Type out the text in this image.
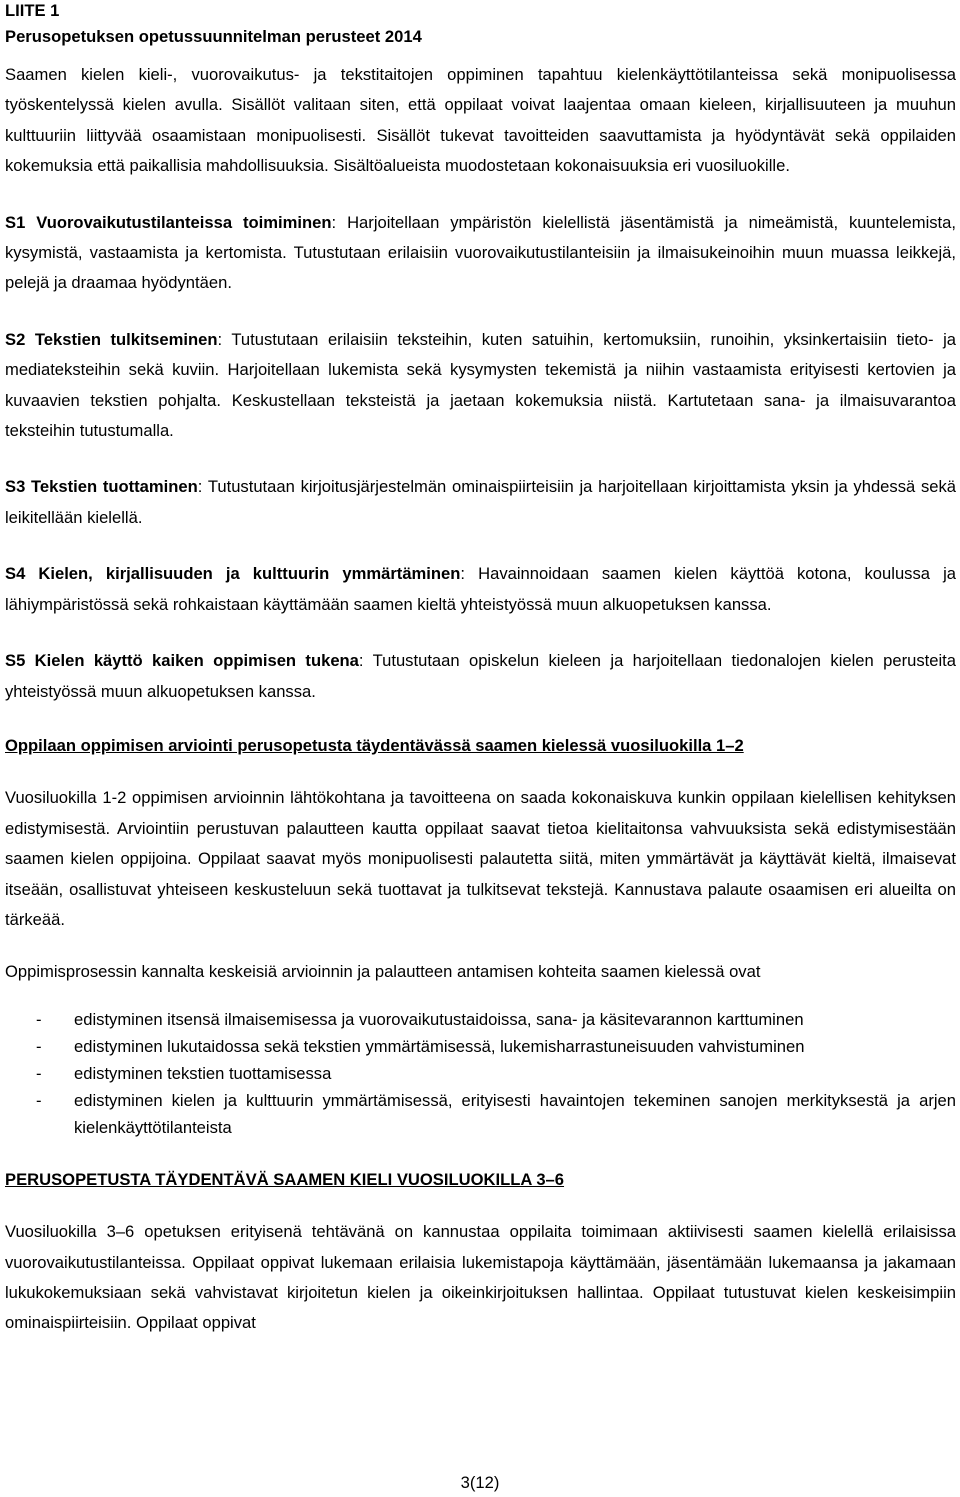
LIITE 1

Perusopetuksen opetussuunnitelman perusteet 2014

Saamen kielen kieli-, vuorovaikutus- ja tekstitaitojen oppiminen tapahtuu kielenkäyttötilanteissa sekä monipuolisessa työskentelyssä kielen avulla. Sisällöt valitaan siten, että oppilaat voivat laajentaa omaan kieleen, kirjallisuuteen ja muuhun kulttuuriin liittyvää osaamistaan monipuolisesti. Sisällöt tukevat tavoitteiden saavuttamista ja hyödyntävät sekä oppilaiden kokemuksia että paikallisia mahdollisuuksia. Sisältöalueista muodostetaan kokonaisuuksia eri vuosiluokille.

S1 Vuorovaikutustilanteissa toimiminen: Harjoitellaan ympäristön kielellistä jäsentämistä ja nimeämistä, kuuntelemista, kysymistä, vastaamista ja kertomista. Tutustutaan erilaisiin vuorovaikutustilanteisiin ja ilmaisukeinoihin muun muassa leikkejä, pelejä ja draamaa hyödyntäen.

S2 Tekstien tulkitseminen: Tutustutaan erilaisiin teksteihin, kuten satuihin, kertomuksiin, runoihin, yksinkertaisiin tieto- ja mediateksteihin sekä kuviin. Harjoitellaan lukemista sekä kysymysten tekemistä ja niihin vastaamista erityisesti kertovien ja kuvaavien tekstien pohjalta. Keskustellaan teksteistä ja jaetaan kokemuksia niistä. Kartutetaan sana- ja ilmaisuvarantoa teksteihin tutustumalla.

S3 Tekstien tuottaminen: Tutustutaan kirjoitusjärjestelmän ominaispiirteisiin ja harjoitellaan kirjoittamista yksin ja yhdessä sekä leikitellään kielellä.

S4 Kielen, kirjallisuuden ja kulttuurin ymmärtäminen: Havainnoidaan saamen kielen käyttöä kotona, koulussa ja lähiympäristössä sekä rohkaistaan käyttämään saamen kieltä yhteistyössä muun alkuopetuksen kanssa.

S5 Kielen käyttö kaiken oppimisen tukena: Tutustutaan opiskelun kieleen ja harjoitellaan tiedonalojen kielen perusteita yhteistyössä muun alkuopetuksen kanssa.

Oppilaan oppimisen arviointi perusopetusta täydentävässä saamen kielessä vuosiluokilla 1–2

Vuosiluokilla 1-2 oppimisen arvioinnin lähtökohtana ja tavoitteena on saada kokonaiskuva kunkin oppilaan kielellisen kehityksen edistymisestä. Arviointiin perustuvan palautteen kautta oppilaat saavat tietoa kielitaitonsa vahvuuksista sekä edistymisestään saamen kielen oppijoina. Oppilaat saavat myös monipuolisesti palautetta siitä, miten ymmärtävät ja käyttävät kieltä, ilmaisevat itseään, osallistuvat yhteiseen keskusteluun sekä tuottavat ja tulkitsevat tekstejä. Kannustava palaute osaamisen eri alueilta on tärkeää.

Oppimisprosessin kannalta keskeisiä arvioinnin ja palautteen antamisen kohteita saamen kielessä ovat

- edistyminen itsensä ilmaisemisessa ja vuorovaikutustaidoissa, sana- ja käsitevarannon karttuminen
- edistyminen lukutaidossa sekä tekstien ymmärtämisessä, lukemisharrastuneisuuden vahvistuminen
- edistyminen tekstien tuottamisessa
- edistyminen kielen ja kulttuurin ymmärtämisessä, erityisesti havaintojen tekeminen sanojen merkityksestä ja arjen kielenkäyttötilanteista

PERUSOPETUSTA TÄYDENTÄVÄ SAAMEN KIELI VUOSILUOKILLA 3–6

Vuosiluokilla 3–6 opetuksen erityisenä tehtävänä on kannustaa oppilaita toimimaan aktiivisesti saamen kielellä erilaisissa vuorovaikutustilanteissa. Oppilaat oppivat lukemaan erilaisia lukemistapoja käyttämään, jäsentämään lukemaansa ja jakamaan lukukokemuksiaan sekä vahvistavat kirjoitetun kielen ja oikeinkirjoituksen hallintaa. Oppilaat tutustuvat kielen keskeisimpiin ominaispiirteisiin. Oppilaat oppivat

3(12)
